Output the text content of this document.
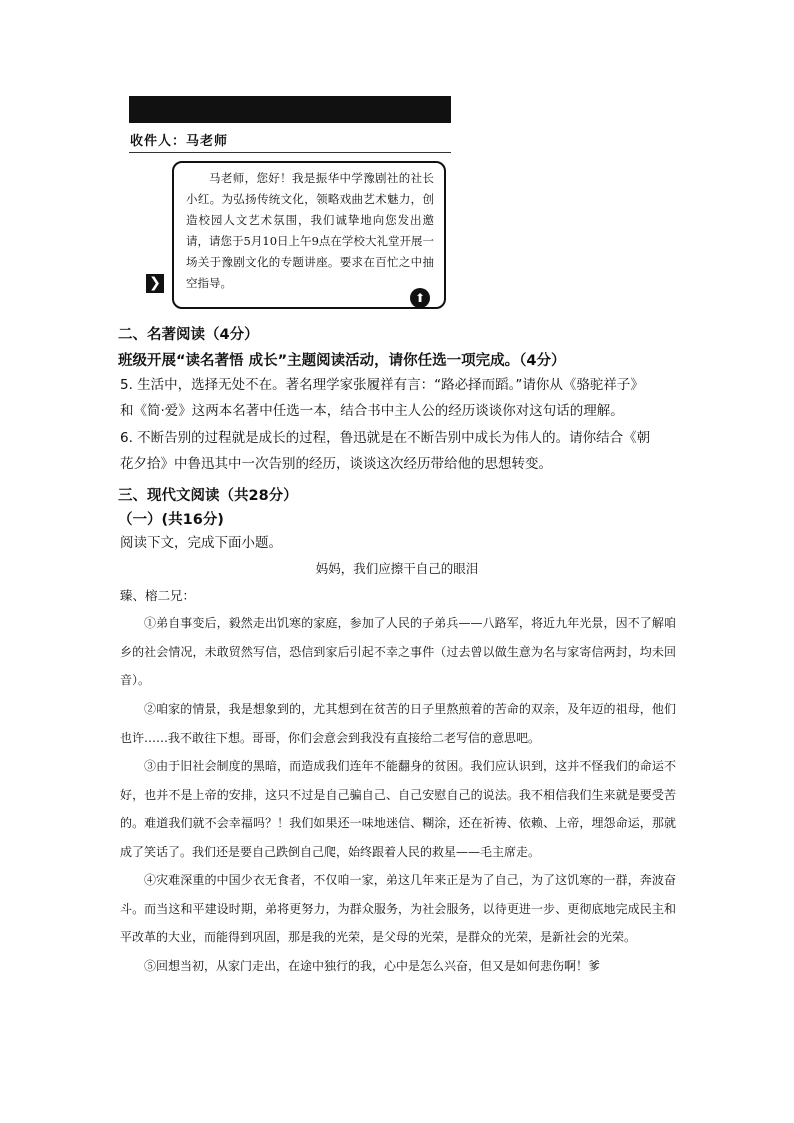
收件人：马老师
马老师，您好！我是振华中学豫剧社的社长小红。为弘扬传统文化，领略戏曲艺术魅力，创造校园人文艺术氛围，我们诚挚地向您发出邀请，请您于5月10日上午9点在学校大礼堂开展一场关于豫剧文化的专题讲座。要求在百忙之中抽空指导。
❯
⬆
二、名著阅读（4分）
班级开展“读名著悟 成长”主题阅读活动，请你任选一项完成。（4分）
5. 生活中，选择无处不在。著名理学家张履祥有言：“路必择而蹈。”请你从《骆驼祥子》
和《简·爱》这两本名著中任选一本，结合书中主人公的经历谈谈你对这句话的理解。
6. 不断告别的过程就是成长的过程，鲁迅就是在不断告别中成长为伟人的。请你结合《朝
花夕拾》中鲁迅其中一次告别的经历，谈谈这次经历带给他的思想转变。
三、现代文阅读（共28分）
（一）(共16分)
阅读下文，完成下面小题。
妈妈，我们应擦干自己的眼泪
臻、榕二兄：
①弟自事变后，毅然走出饥寒的家庭，参加了人民的子弟兵——八路军，将近九年光景，因不了解咱乡的社会情况，未敢贸然写信，恐信到家后引起不幸之事件（过去曾以做生意为名与家寄信两封，均未回音）。
②咱家的情景，我是想象到的，尤其想到在贫苦的日子里熬煎着的苦命的双亲，及年迈的祖母，他们也许……我不敢往下想。哥哥，你们会意会到我没有直接给二老写信的意思吧。
③由于旧社会制度的黑暗，而造成我们连年不能翻身的贫困。我们应认识到，这并不怪我们的命运不好，也并不是上帝的安排，这只不过是自己骗自己、自己安慰自己的说法。我不相信我们生来就是要受苦的。难道我们就不会幸福吗？！我们如果还一味地迷信、糊涂，还在祈祷、依赖、上帝，埋怨命运，那就成了笑话了。我们还是要自己跌倒自己爬，始终跟着人民的救星——毛主席走。
④灾难深重的中国少衣无食者，不仅咱一家，弟这几年来正是为了自己，为了这饥寒的一群，奔波奋斗。而当这和平建设时期，弟将更努力，为群众服务，为社会服务，以待更进一步、更彻底地完成民主和平改革的大业，而能得到巩固，那是我的光荣，是父母的光荣，是群众的光荣，是新社会的光荣。
⑤回想当初，从家门走出，在途中独行的我，心中是怎么兴奋，但又是如何悲伤啊！爹
